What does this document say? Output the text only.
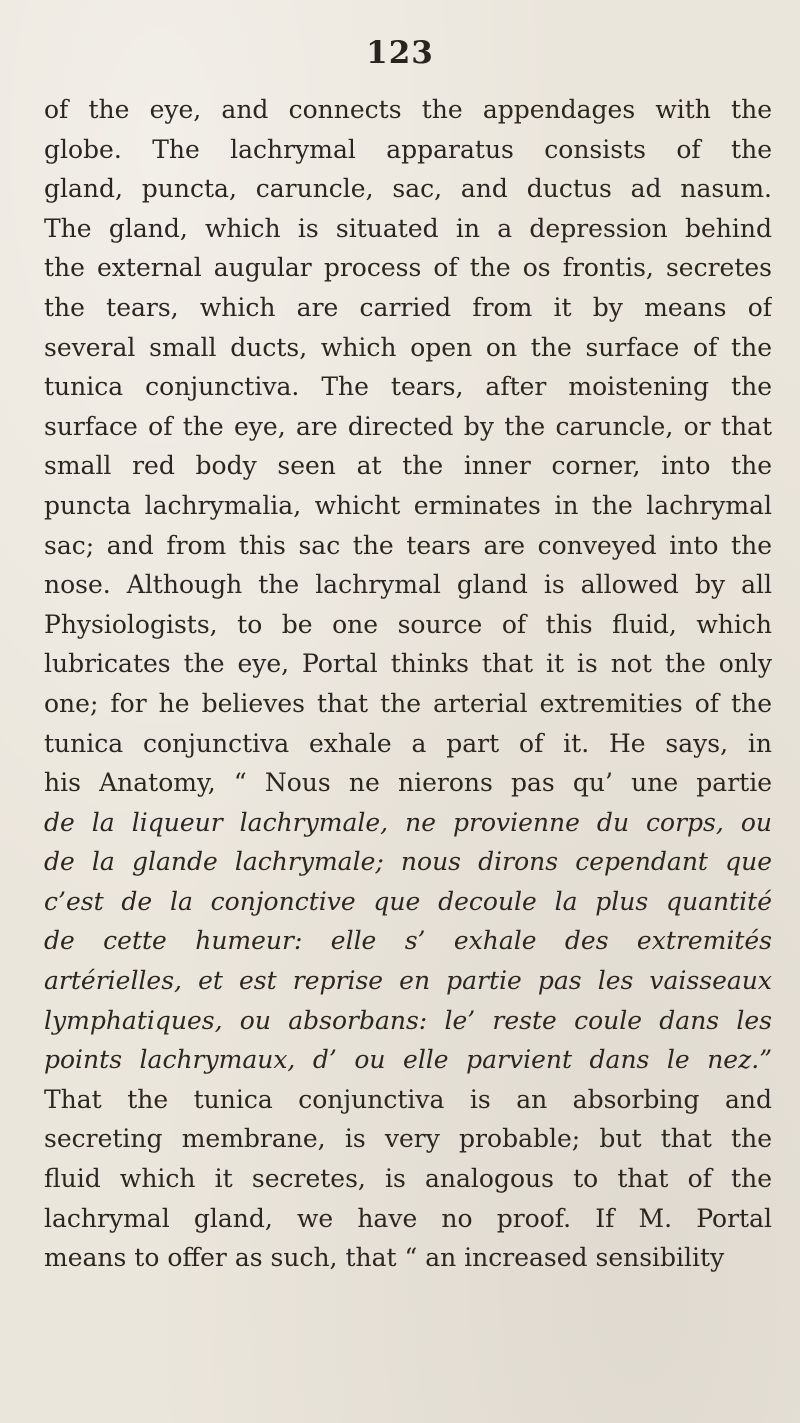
123
of the eye, and connects the appendages with the
globe. The lachrymal apparatus consists of the
gland, puncta, caruncle, sac, and ductus ad nasum.
The gland, which is situated in a depression behind
the external augular process of the os frontis, secretes
the tears, which are carried from it by means of
several small ducts, which open on the surface of the
tunica conjunctiva. The tears, after moistening the
surface of the eye, are directed by the caruncle, or that
small red body seen at the inner corner, into the
puncta lachrymalia, whicht erminates in the lachrymal
sac; and from this sac the tears are conveyed into the
nose. Although the lachrymal gland is allowed by all
Physiologists, to be one source of this fluid, which
lubricates the eye, Portal thinks that it is not the only
one; for he believes that the arterial extremities of the
tunica conjunctiva exhale a part of it. He says, in
his Anatomy, “ Nous ne nierons pas qu’ une partie
de la liqueur lachrymale, ne provienne du corps, ou
de la glande lachrymale; nous dirons cependant que
c’est de la conjonctive que decoule la plus quantité
de cette humeur: elle s’ exhale des extremités
artérielles, et est reprise en partie pas les vaisseaux
lymphatiques, ou absorbans: le’ reste coule dans les
points lachrymaux, d’ ou elle parvient dans le nez.”
That the tunica conjunctiva is an absorbing and
secreting membrane, is very probable; but that the
fluid which it secretes, is analogous to that of the
lachrymal gland, we have no proof. If M. Portal
means to offer as such, that “ an increased sensibility
